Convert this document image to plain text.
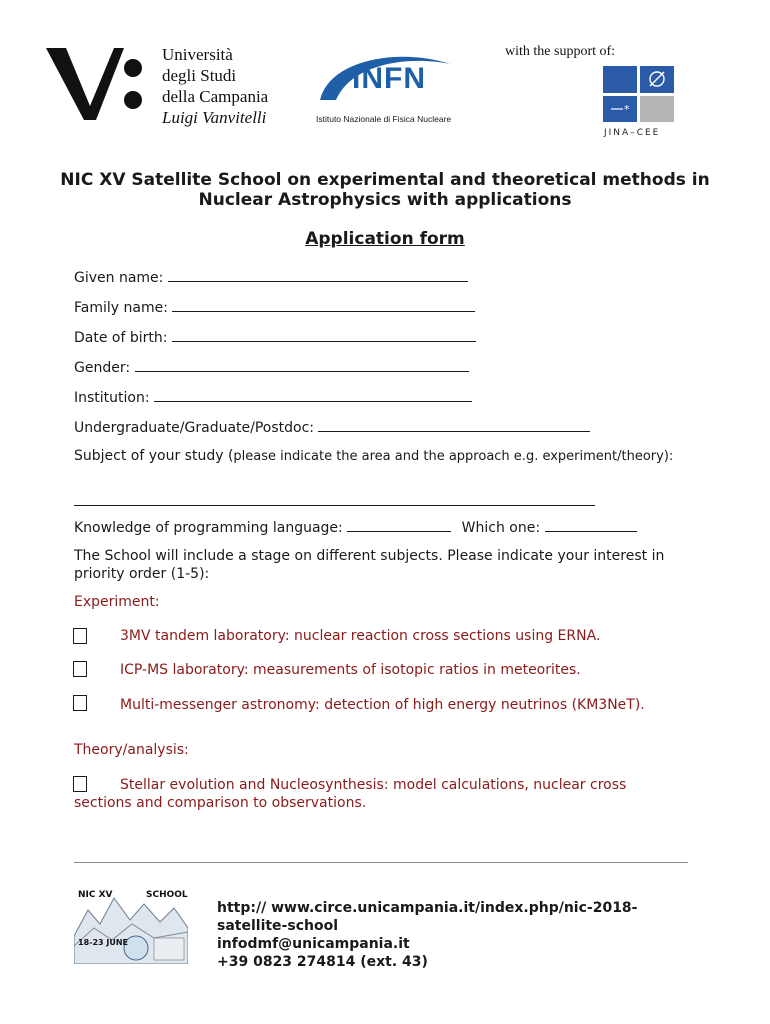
Università
degli Studi
della Campania
Luigi Vanvitelli
INFN
Istituto Nazionale di Fisica Nucleare
with the support of:
*
JINA–CEE
NIC XV Satellite School on experimental and theoretical methods in Nuclear Astrophysics with applications
Application form
Given name:
Family name:
Date of birth:
Gender:
Institution:
Undergraduate/Graduate/Postdoc:
Subject of your study (please indicate the area and the approach e.g. experiment/theory):
Knowledge of programming language:	Which one:
The School will include a stage on different subjects. Please indicate your interest in priority order (1-5):
Experiment:
3MV tandem laboratory: nuclear reaction cross sections using ERNA.
ICP-MS laboratory: measurements of isotopic ratios in meteorites.
Multi-messenger astronomy: detection of high energy neutrinos (KM3NeT).
Theory/analysis:
Stellar evolution and Nucleosynthesis: model calculations, nuclear cross sections and comparison to observations.
NIC XV	SCHOOL
18-23 JUNE
http:// www.circe.unicampania.it/index.php/nic-2018-satellite-school
infodmf@unicampania.it
+39 0823 274814 (ext. 43)
